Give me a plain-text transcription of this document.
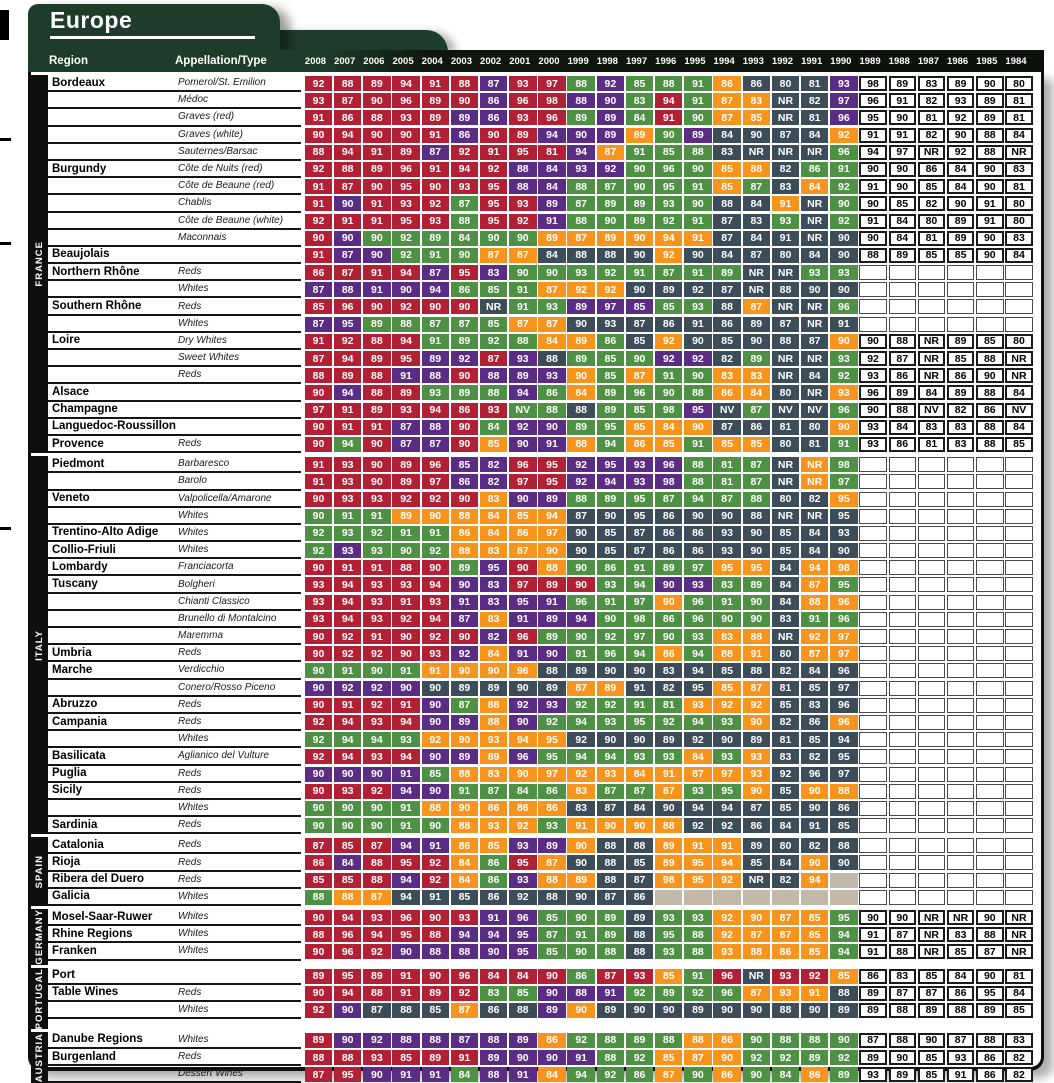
Europe
Region	Appellation/Type	2008 2007 2006 2005 2004 2003 2002 2001 2000 1999 1998 1997 1996 1995 1994 1993 1992 1991 1990 1989 1988 1987 1986 1985 1984
FRANCE
Bordeaux	Pomerol/St. Emilion	92	88	89	94	91	88	87	93	97	88	92	85	88	91	86	86	80	81	93	98	89	83	89	90	80
Médoc	93	87	90	96	89	90	86	96	98	88	90	83	94	91	87	83	NR	82	97	96	91	82	93	89	81
Graves (red)	91	86	88	93	89	89	86	93	96	89	89	84	91	90	87	85	NR	81	96	95	90	81	92	89	81
Graves (white)	90	94	90	90	91	86	90	89	94	90	89	89	90	89	84	90	87	84	92	91	91	82	90	88	84
Sauternes/Barsac	88	94	91	89	87	92	91	95	81	94	87	91	85	88	83	NR	NR	NR	96	94	97	NR	92	88	NR
Burgundy	Côte de Nuits (red)	92	88	89	96	91	94	92	88	84	93	92	90	96	90	85	88	82	86	91	90	90	86	84	90	83
Côte de Beaune (red)	91	87	90	95	90	93	95	88	84	88	87	90	95	91	85	87	83	84	92	91	90	85	84	90	81
Chablis	91	90	91	93	92	87	95	93	89	87	89	89	93	90	88	84	91	NR	90	90	85	82	90	91	80
Côte de Beaune (white)	92	91	91	95	93	88	95	92	91	88	90	89	92	91	87	83	93	NR	92	91	84	80	89	91	80
Maconnais	90	90	90	92	89	84	90	90	89	87	89	90	94	91	87	84	91	NR	90	90	84	81	89	90	83
Beaujolais	91	87	90	92	91	90	87	87	84	88	88	90	92	90	84	87	80	84	90	88	89	85	85	90	84
Northern Rhône	Reds	86	87	91	94	87	95	83	90	90	93	92	91	87	91	89	NR	NR	93	93
Whites	87	88	91	90	94	86	85	91	87	92	92	90	89	92	87	NR	88	90	90
Southern Rhône	Reds	85	96	90	92	90	90	NR	91	93	89	97	85	85	93	88	87	NR	NR	96
Whites	87	95	89	88	87	87	85	87	87	90	93	87	86	91	86	89	87	NR	91
Loire	Dry Whites	91	92	88	94	91	89	92	88	84	89	86	85	92	90	85	90	88	87	90	90	88	NR	89	85	80
Sweet Whites	87	94	89	95	89	92	87	93	88	89	85	90	92	92	82	89	NR	NR	93	92	87	NR	85	88	NR
Reds	88	89	88	91	88	90	88	89	93	90	85	87	91	90	83	83	NR	84	92	93	86	NR	86	90	NR
Alsace	90	94	88	89	93	89	88	94	86	84	89	96	90	88	86	84	80	NR	93	96	89	84	89	88	84
Champagne	97	91	89	93	94	86	93	NV	88	88	89	85	98	95	NV	87	NV	NV	96	90	88	NV	82	86	NV
Languedoc-Roussillon	90	91	91	87	88	90	84	92	90	89	95	85	84	90	87	86	81	80	90	93	84	83	83	88	84
Provence	Reds	90	94	90	87	87	90	85	90	91	88	94	86	85	91	85	85	80	81	91	93	86	81	83	88	85
ITALY
Piedmont	Barbaresco	91	93	90	89	96	85	82	96	95	92	95	93	96	88	81	87	NR	NR	98
Barolo	91	93	90	89	97	86	82	97	95	92	94	93	98	88	81	87	NR	NR	97
Veneto	Valpolicella/Amarone	90	93	93	92	92	90	83	90	89	88	89	95	87	94	87	88	80	82	95
Whites	90	91	91	89	90	88	84	85	94	87	90	95	86	90	90	88	NR	NR	95
Trentino-Alto Adige	Whites	92	93	92	91	91	86	84	86	97	90	85	87	86	86	93	90	85	84	93
Collio-Friuli	Whites	92	93	93	90	92	88	83	87	90	90	85	87	86	86	93	90	85	84	90
Lombardy	Franciacorta	90	91	91	88	90	89	95	90	88	90	86	91	89	97	95	95	84	94	98
Tuscany	Bolgheri	93	94	93	93	94	90	83	97	89	90	93	94	90	93	83	89	84	87	95
Chianti Classico	93	94	93	91	93	91	83	95	91	96	91	97	90	96	91	90	84	88	96
Brunello di Montalcino	93	94	93	92	94	87	83	91	89	94	90	98	86	96	90	90	83	91	96
Maremma	90	92	91	90	92	90	82	96	89	90	92	97	90	93	83	88	NR	92	97
Umbria	Reds	90	92	92	90	93	92	84	91	90	91	96	94	86	94	88	91	80	87	97
Marche	Verdicchio	90	91	90	91	91	90	90	96	88	89	90	90	83	94	85	88	82	84	96
Conero/Rosso Piceno	90	92	92	90	90	89	89	90	89	87	89	91	82	95	85	87	81	85	97
Abruzzo	Reds	90	91	92	91	90	87	88	92	93	92	92	91	81	93	92	92	85	83	96
Campania	Reds	92	94	93	94	90	89	88	90	92	94	93	95	92	94	93	90	82	86	96
Whites	92	94	94	93	92	90	93	94	95	92	90	90	89	92	90	89	81	85	94
Basilicata	Aglianico del Vulture	92	94	93	94	90	89	89	96	95	94	94	93	93	84	93	93	83	82	95
Puglia	Reds	90	90	90	91	85	88	83	90	97	92	93	84	91	87	97	93	92	96	97
Sicily	Reds	90	93	92	94	90	91	87	84	86	83	87	87	87	93	95	90	85	90	88
Whites	90	90	90	91	88	90	86	86	86	83	87	84	90	94	94	87	85	90	86
Sardinia	Reds	90	90	90	91	90	88	93	92	93	91	90	90	88	92	92	86	84	91	85
SPAIN
Catalonia	Reds	87	85	87	94	91	86	85	93	89	90	88	88	89	91	91	89	80	82	88
Rioja	Reds	86	84	88	95	92	84	86	95	87	90	88	85	89	95	94	85	84	90	90
Ribera del Duero	Reds	85	85	88	94	92	84	86	93	88	89	88	87	98	95	92	NR	82	94
Galicia	Whites	88	88	87	94	91	85	86	92	88	90	87	86
GERMANY Mosel-Saar-Ruwer	Whites	90	94	93	96	90	93	91	96	85	90	89	89	93	93	92	90	87	85	95	90	90	NR	NR	90	NR
Rhine Regions	Whites	88	96	94	95	88	94	94	95	87	91	89	88	95	88	92	87	87	85	94	91	87	NR	83	88	NR
Franken	Whites	90	96	92	90	88	88	90	95	85	90	88	88	93	88	93	88	86	85	94	91	88	NR	85	87	NR
PORTUGAL Port	89	95	89	91	90	96	84	84	90	86	87	93	85	91	96	NR	93	92	85	86	83	85	84	90	81
Table Wines	Reds	90	94	88	91	89	92	83	85	90	88	91	92	89	92	96	87	93	91	88	89	87	87	86	95	84
Whites	92	90	87	88	85	87	86	88	89	90	89	90	90	89	90	90	88	90	89	89	88	89	88	89	85
AUSTRIA Danube Regions	Whites	89	90	92	88	88	87	88	89	86	92	88	89	88	88	86	90	88	88	90	87	88	90	87	88	83
Burgenland	Reds	88	88	93	85	89	91	89	90	90	91	88	92	85	87	90	92	92	89	92	89	90	85	93	86	82
Dessert Wines	87	95	90	91	91	84	88	91	84	94	92	86	87	90	86	90	84	86	89	93	89	85	91	86	82
